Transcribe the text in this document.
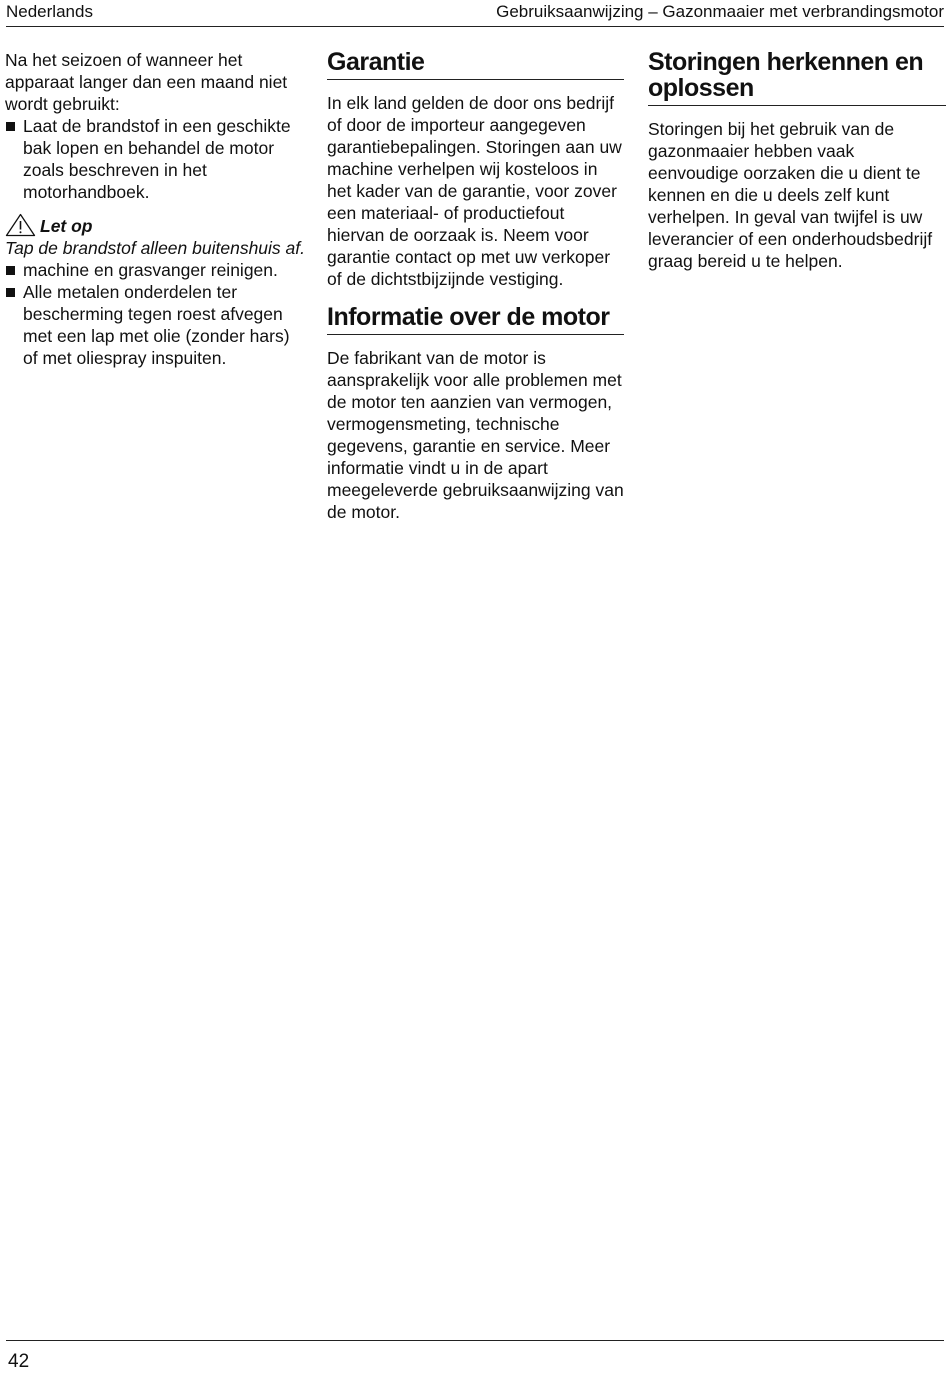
Nederlands	Gebruiksaanwijzing – Gazonmaaier met verbrandingsmotor

Na het seizoen of wanneer het apparaat langer dan een maand niet wordt gebruikt:

Laat de brandstof in een geschikte bak lopen en behandel de motor zoals beschreven in het motorhandboek.
Let op

Tap de brandstof alleen buitenshuis af.

machine en grasvanger reinigen.
Alle metalen onderdelen ter bescherming tegen roest afvegen met een lap met olie (zonder hars) of met oliespray inspuiten.
Garantie

In elk land gelden de door ons bedrijf of door de importeur aangegeven garantiebepalingen. Storingen aan uw machine verhelpen wij kosteloos in het kader van de garantie, voor zover een materiaal- of productiefout hiervan de oorzaak is. Neem voor garantie contact op met uw verkoper of de dichtstbijzijnde vestiging.

Informatie over de motor

De fabrikant van de motor is aansprakelijk voor alle problemen met de motor ten aanzien van vermogen, vermogensmeting, technische gegevens, garantie en service. Meer informatie vindt u in de apart meegeleverde gebruiksaanwijzing van de motor.

Storingen herkennen en oplossen

Storingen bij het gebruik van de gazonmaaier hebben vaak eenvoudige oorzaken die u dient te kennen en die u deels zelf kunt verhelpen. In geval van twijfel is uw leverancier of een onderhoudsbedrijf graag bereid u te helpen.

42
